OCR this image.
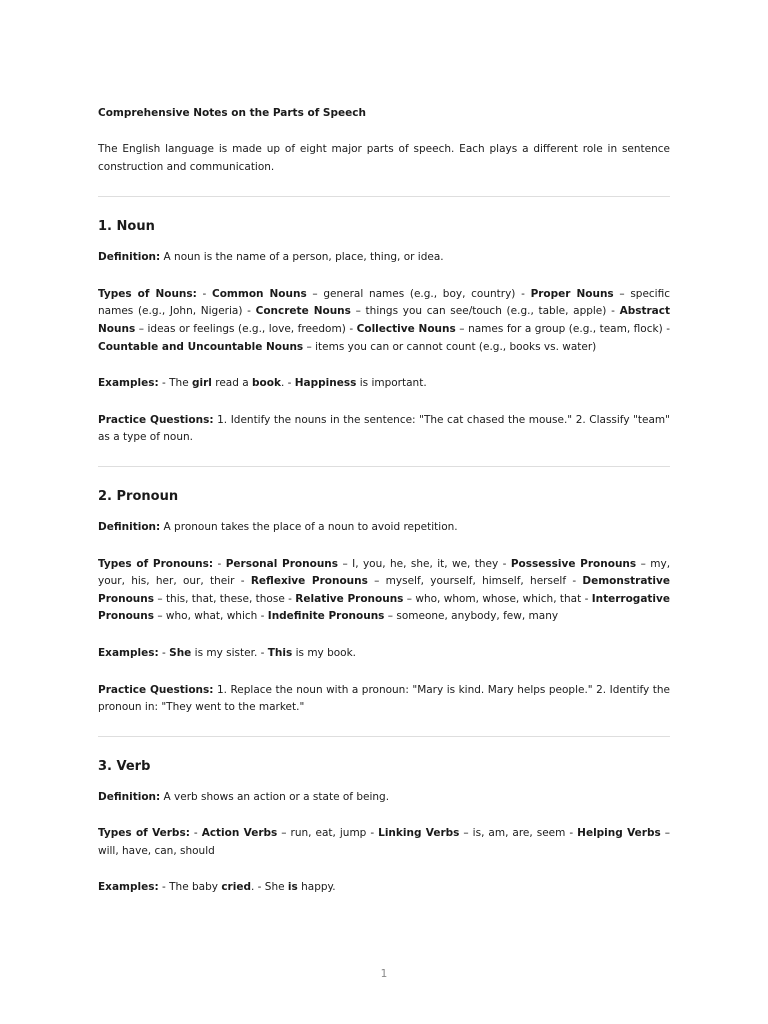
Comprehensive Notes on the Parts of Speech

The English language is made up of eight major parts of speech. Each plays a different role in sentence construction and communication.

1. Noun

Definition: A noun is the name of a person, place, thing, or idea.

Types of Nouns: - Common Nouns – general names (e.g., boy, country) - Proper Nouns – specific names (e.g., John, Nigeria) - Concrete Nouns – things you can see/touch (e.g., table, apple) - Abstract Nouns – ideas or feelings (e.g., love, freedom) - Collective Nouns – names for a group (e.g., team, flock) - Countable and Uncountable Nouns – items you can or cannot count (e.g., books vs. water)

Examples: - The girl read a book. - Happiness is important.

Practice Questions: 1. Identify the nouns in the sentence: "The cat chased the mouse." 2. Classify "team" as a type of noun.

2. Pronoun

Definition: A pronoun takes the place of a noun to avoid repetition.

Types of Pronouns: - Personal Pronouns – I, you, he, she, it, we, they - Possessive Pronouns – my, your, his, her, our, their - Reflexive Pronouns – myself, yourself, himself, herself - Demonstrative Pronouns – this, that, these, those - Relative Pronouns – who, whom, whose, which, that - Interrogative Pronouns – who, what, which - Indefinite Pronouns – someone, anybody, few, many

Examples: - She is my sister. - This is my book.

Practice Questions: 1. Replace the noun with a pronoun: "Mary is kind. Mary helps people." 2. Identify the pronoun in: "They went to the market."

3. Verb

Definition: A verb shows an action or a state of being.

Types of Verbs: - Action Verbs – run, eat, jump - Linking Verbs – is, am, are, seem - Helping Verbs – will, have, can, should

Examples: - The baby cried. - She is happy.

1
